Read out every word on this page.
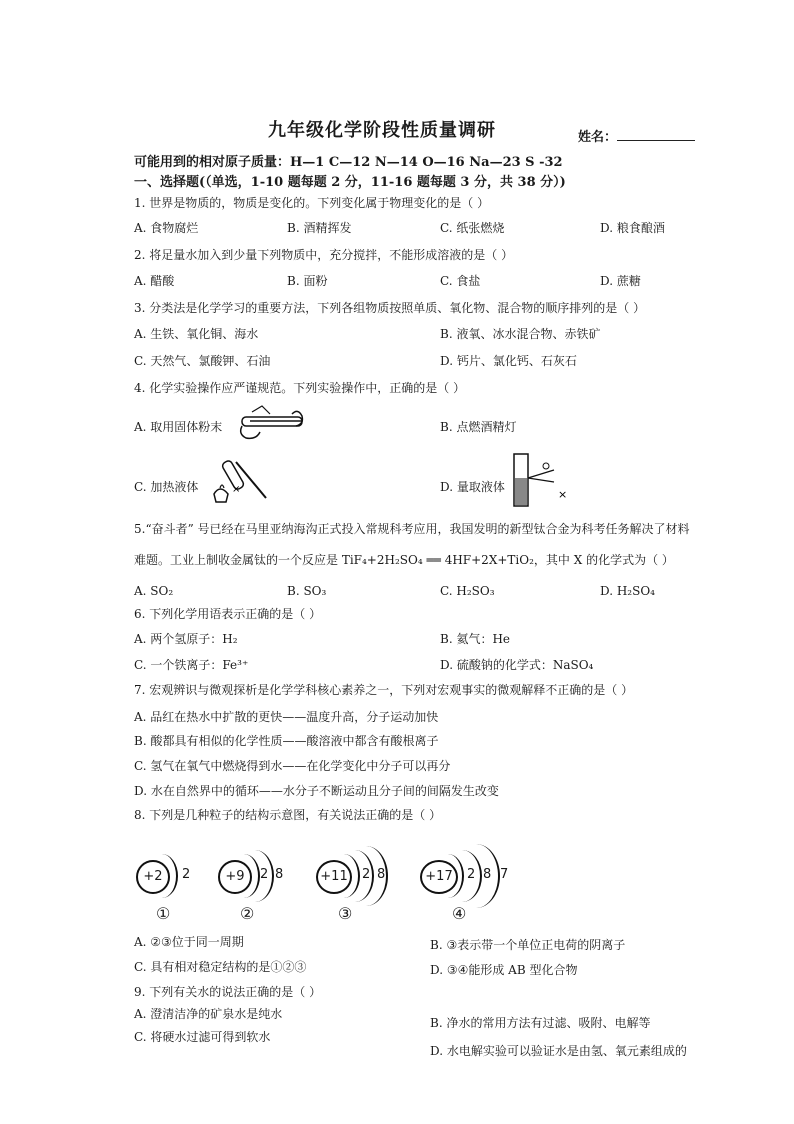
九年级化学阶段性质量调研	姓名：
可能用到的相对原子质量：H—1 C—12 N—14 O—16 Na—23 S -32
一、选择题(（单选，1-10 题每题 2 分，11-16 题每题 3 分，共 38 分）)
1. 世界是物质的，物质是变化的。下列变化属于物理变化的是（ ）
A. 食物腐烂	B. 酒精挥发	C. 纸张燃烧	D. 粮食酿酒
2. 将足量水加入到少量下列物质中，充分搅拌，不能形成溶液的是（ ）
A. 醋酸	B. 面粉	C. 食盐	D. 蔗糖
3. 分类法是化学学习的重要方法，下列各组物质按照单质、氧化物、混合物的顺序排列的是（ ）
A. 生铁、氧化铜、海水	B. 液氧、冰水混合物、赤铁矿
C. 天然气、氯酸钾、石油	D. 钙片、氯化钙、石灰石
4. 化学实验操作应严谨规范。下列实验操作中，正确的是（ ）
A. 取用固体粉末	B. 点燃酒精灯
C. 加热液体	×	D. 量取液体
×
5.“奋斗者” 号已经在马里亚纳海沟正式投入常规科考应用，我国发明的新型钛合金为科考任务解决了材料
难题。工业上制收金属钛的一个反应是 TiF₄+2H₂SO₄ ══ 4HF+2X+TiO₂，其中 X 的化学式为（ ）
A. SO₂	B. SO₃	C. H₂SO₃	D. H₂SO₄
6. 下列化学用语表示正确的是（ ）
A. 两个氢原子：H₂	B. 氦气：He
C. 一个铁离子：Fe³⁺	D. 硫酸钠的化学式：NaSO₄
7. 宏观辨识与微观探析是化学学科核心素养之一，下列对宏观事实的微观解释不正确的是（ ）
A. 品红在热水中扩散的更快——温度升高，分子运动加快
B. 酸都具有相似的化学性质——酸溶液中都含有酸根离子
C. 氢气在氧气中燃烧得到水——在化学变化中分子可以再分
D. 水在自然界中的循环——水分子不断运动且分子间的间隔发生改变
8. 下列是几种粒子的结构示意图，有关说法正确的是（ ）
+2	2
①
+9	2 8
②
+11	2 8
③
+17	2 8 7
④
A. ②③位于同一周期	B. ③表示带一个单位正电荷的阴离子
C. 具有相对稳定结构的是①②③	D. ③④能形成 AB 型化合物
9. 下列有关水的说法正确的是（ ）
A. 澄清洁净的矿泉水是纯水
B. 净水的常用方法有过滤、吸附、电解等
C. 将硬水过滤可得到软水
D. 水电解实验可以验证水是由氢、氧元素组成的
